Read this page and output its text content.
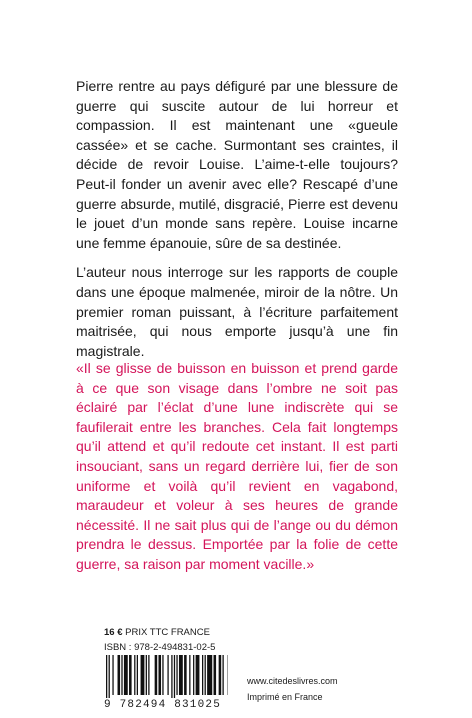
Pierre rentre au pays défiguré par une blessure de guerre qui suscite autour de lui horreur et compassion. Il est maintenant une «gueule cassée» et se cache. Surmontant ses craintes, il décide de revoir Louise. L’aime-t-elle toujours? Peut-il fonder un avenir avec elle? Rescapé d’une guerre absurde, mutilé, disgracié, Pierre est devenu le jouet d’un monde sans repère. Louise incarne une femme épanouie, sûre de sa destinée.

L’auteur nous interroge sur les rapports de couple dans une époque malmenée, miroir de la nôtre. Un premier roman puissant, à l’écriture parfaitement maitrisée, qui nous emporte jusqu’à une fin magistrale.

«Il se glisse de buisson en buisson et prend garde à ce que son visage dans l’ombre ne soit pas éclairé par l’éclat d’une lune indiscrète qui se faufilerait entre les branches. Cela fait longtemps qu’il attend et qu’il redoute cet instant. Il est parti insouciant, sans un regard derrière lui, fier de son uniforme et voilà qu’il revient en vagabond, maraudeur et voleur à ses heures de grande nécessité. Il ne sait plus qui de l’ange ou du démon prendra le dessus. Emportée par la folie de cette guerre, sa raison par moment vacille.»
16 € PRIX TTC FRANCE
ISBN : 978-2-494831-02-5
9 782494 831025
www.citedeslivres.com
Imprimé en France
